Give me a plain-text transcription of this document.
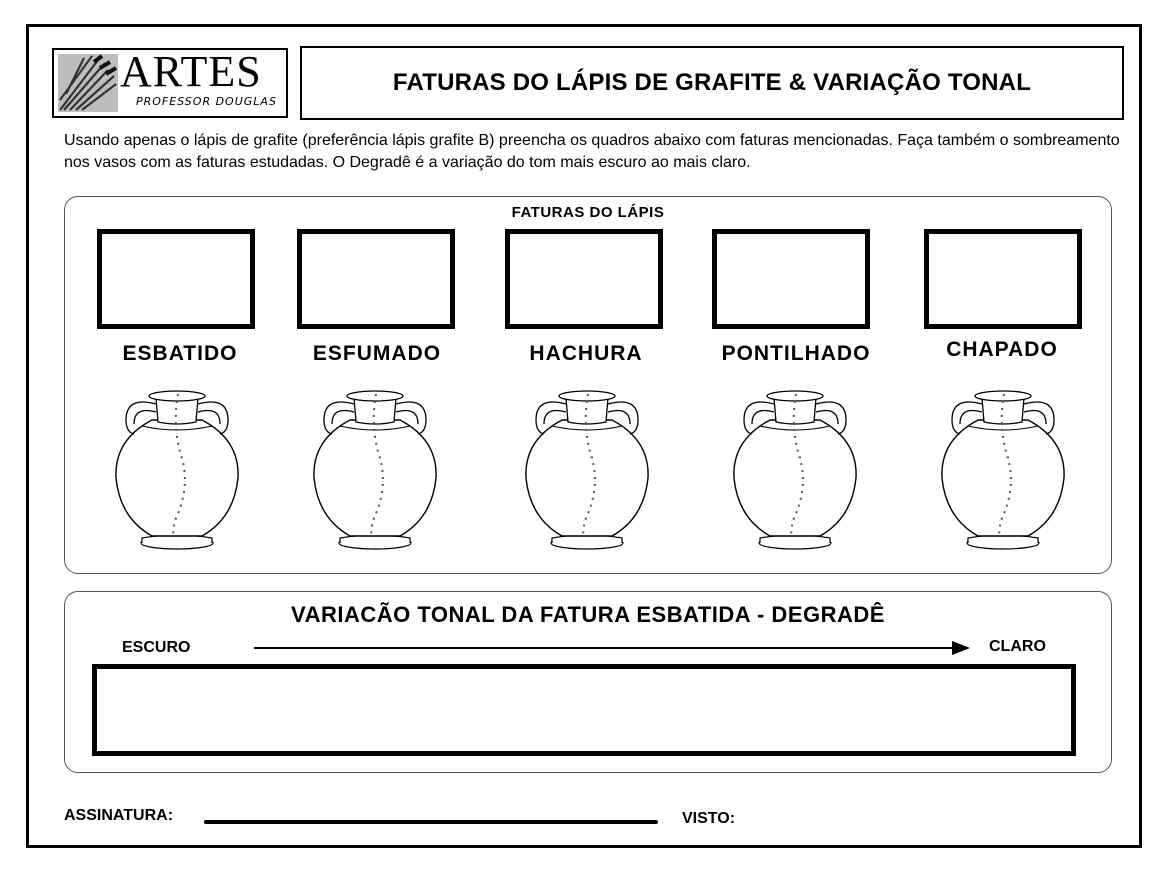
ARTES
PROFESSOR DOUGLAS
FATURAS DO LÁPIS DE GRAFITE & VARIAÇÃO TONAL
Usando apenas o lápis de grafite (preferência lápis grafite B) preencha os quadros abaixo com faturas mencionadas. Faça também o sombreamento nos vasos com as faturas estudadas. O Degradê é a variação do tom mais escuro ao mais claro.
FATURAS DO LÁPIS
ESBATIDO	ESFUMADO	HACHURA	PONTILHADO	CHAPADO
VARIACÃO TONAL DA FATURA ESBATIDA - DEGRADÊ
ESCURO	CLARO
ASSINATURA:	VISTO:
